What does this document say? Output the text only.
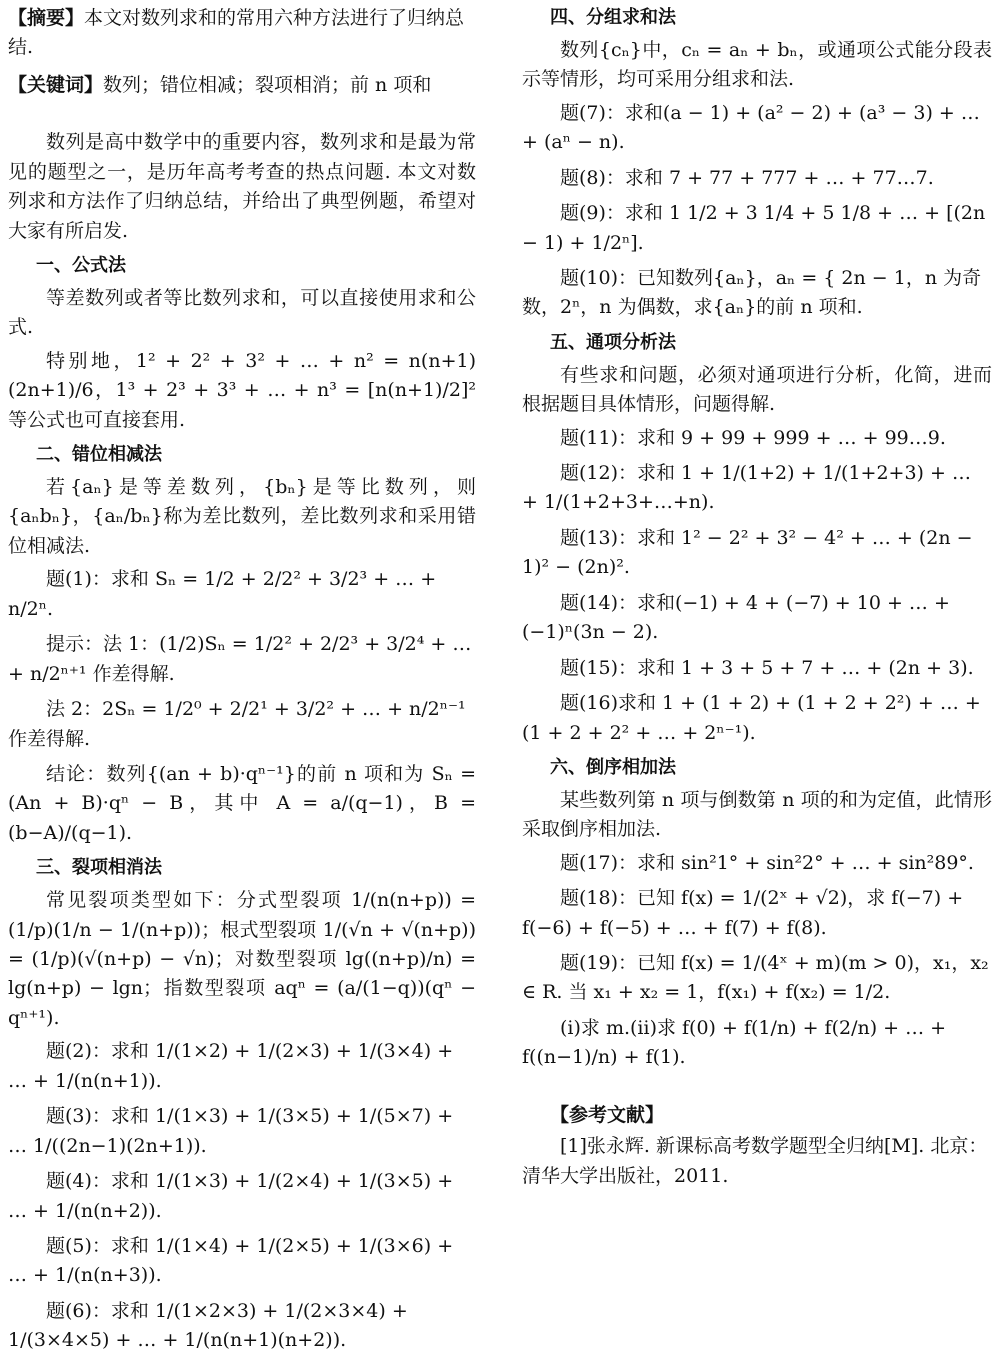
【摘要】本文对数列求和的常用六种方法进行了归纳总结.

【关键词】数列；错位相减；裂项相消；前 n 项和

数列是高中数学中的重要内容，数列求和是最为常见的题型之一，是历年高考考查的热点问题. 本文对数列求和方法作了归纳总结，并给出了典型例题，希望对大家有所启发.

一、公式法

等差数列或者等比数列求和，可以直接使用求和公式.

特别地，1² + 2² + 3² + … + n² = n(n+1)(2n+1)/6，1³ + 2³ + 3³ + … + n³ = [n(n+1)/2]² 等公式也可直接套用.

二、错位相减法

若{aₙ}是等差数列，{bₙ}是等比数列，则{aₙbₙ}，{aₙ/bₙ}称为差比数列，差比数列求和采用错位相减法.

题(1)：求和 Sₙ = 1/2 + 2/2² + 3/2³ + … + n/2ⁿ.

提示：法 1：(1/2)Sₙ = 1/2² + 2/2³ + 3/2⁴ + … + n/2ⁿ⁺¹ 作差得解.

法 2：2Sₙ = 1/2⁰ + 2/2¹ + 3/2² + … + n/2ⁿ⁻¹ 作差得解.

结论：数列{(an + b)·qⁿ⁻¹}的前 n 项和为 Sₙ = (An + B)·qⁿ − B，其中 A = a/(q−1)，B = (b−A)/(q−1).

三、裂项相消法

常见裂项类型如下：分式型裂项 1/(n(n+p)) = (1/p)(1/n − 1/(n+p))；根式型裂项 1/(√n + √(n+p)) = (1/p)(√(n+p) − √n)；对数型裂项 lg((n+p)/n) = lg(n+p) − lgn；指数型裂项 aqⁿ = (a/(1−q))(qⁿ − qⁿ⁺¹).

题(2)：求和 1/(1×2) + 1/(2×3) + 1/(3×4) + … + 1/(n(n+1)).

题(3)：求和 1/(1×3) + 1/(3×5) + 1/(5×7) + … 1/((2n−1)(2n+1)).

题(4)：求和 1/(1×3) + 1/(2×4) + 1/(3×5) + … + 1/(n(n+2)).

题(5)：求和 1/(1×4) + 1/(2×5) + 1/(3×6) + … + 1/(n(n+3)).

题(6)：求和 1/(1×2×3) + 1/(2×3×4) + 1/(3×4×5) + … + 1/(n(n+1)(n+2)).

四、分组求和法

数列{cₙ}中，cₙ = aₙ + bₙ，或通项公式能分段表示等情形，均可采用分组求和法.

题(7)：求和(a − 1) + (a² − 2) + (a³ − 3) + … + (aⁿ − n).

题(8)：求和 7 + 77 + 777 + … + 77…7.

题(9)：求和 1 1/2 + 3 1/4 + 5 1/8 + … + [(2n − 1) + 1/2ⁿ].

题(10)：已知数列{aₙ}，aₙ = { 2n − 1，n 为奇数，2ⁿ，n 为偶数，求{aₙ}的前 n 项和.

五、通项分析法

有些求和问题，必须对通项进行分析，化简，进而根据题目具体情形，问题得解.

题(11)：求和 9 + 99 + 999 + … + 99…9.

题(12)：求和 1 + 1/(1+2) + 1/(1+2+3) + … + 1/(1+2+3+…+n).

题(13)：求和 1² − 2² + 3² − 4² + … + (2n − 1)² − (2n)².

题(14)：求和(−1) + 4 + (−7) + 10 + … + (−1)ⁿ(3n − 2).

题(15)：求和 1 + 3 + 5 + 7 + … + (2n + 3).

题(16)求和 1 + (1 + 2) + (1 + 2 + 2²) + … + (1 + 2 + 2² + … + 2ⁿ⁻¹).

六、倒序相加法

某些数列第 n 项与倒数第 n 项的和为定值，此情形采取倒序相加法.

题(17)：求和 sin²1° + sin²2° + … + sin²89°.

题(18)：已知 f(x) = 1/(2ˣ + √2)，求 f(−7) + f(−6) + f(−5) + … + f(7) + f(8).

题(19)：已知 f(x) = 1/(4ˣ + m)(m > 0)，x₁，x₂ ∈ R. 当 x₁ + x₂ = 1，f(x₁) + f(x₂) = 1/2.

(ⅰ)求 m.(ⅱ)求 f(0) + f(1/n) + f(2/n) + … + f((n−1)/n) + f(1).

【参考文献】

[1]张永辉. 新课标高考数学题型全归纳[M]. 北京：清华大学出版社，2011.
